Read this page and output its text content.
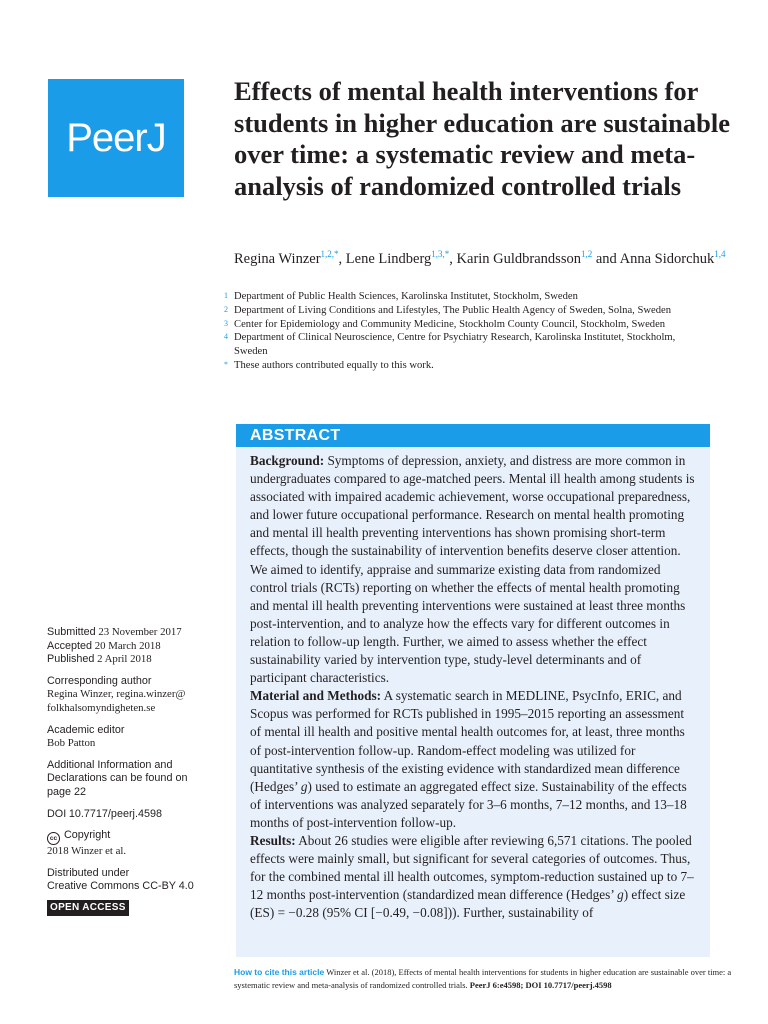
PeerJ
Effects of mental health interventions for students in higher education are sustainable over time: a systematic review and meta-analysis of randomized controlled trials
Regina Winzer$^{1,2,*}$, Lene Lindberg$^{1,3,*}$, Karin Guldbrandsson$^{1,2}$ and Anna Sidorchuk$^{1,4}$
1 Department of Public Health Sciences, Karolinska Institutet, Stockholm, Sweden
2 Department of Living Conditions and Lifestyles, The Public Health Agency of Sweden, Solna, Sweden
3 Center for Epidemiology and Community Medicine, Stockholm County Council, Stockholm, Sweden
4 Department of Clinical Neuroscience, Centre for Psychiatry Research, Karolinska Institutet, Stockholm, Sweden
* These authors contributed equally to this work.
ABSTRACT

Background: Symptoms of depression, anxiety, and distress are more common in undergraduates compared to age-matched peers. Mental ill health among students is associated with impaired academic achievement, worse occupational preparedness, and lower future occupational performance. Research on mental health promoting and mental ill health preventing interventions has shown promising short-term effects, though the sustainability of intervention benefits deserve closer attention. We aimed to identify, appraise and summarize existing data from randomized control trials (RCTs) reporting on whether the effects of mental health promoting and mental ill health preventing interventions were sustained at least three months post-intervention, and to analyze how the effects vary for different outcomes in relation to follow-up length. Further, we aimed to assess whether the effect sustainability varied by intervention type, study-level determinants and of participant characteristics.

Material and Methods: A systematic search in MEDLINE, PsycInfo, ERIC, and Scopus was performed for RCTs published in 1995–2015 reporting an assessment of mental ill health and positive mental health outcomes for, at least, three months of post-intervention follow-up. Random-effect modeling was utilized for quantitative synthesis of the existing evidence with standardized mean difference (Hedges’ g) used to estimate an aggregated effect size. Sustainability of the effects of interventions was analyzed separately for 3–6 months, 7–12 months, and 13–18 months of post-intervention follow-up.

Results: About 26 studies were eligible after reviewing 6,571 citations. The pooled effects were mainly small, but significant for several categories of outcomes. Thus, for the combined mental ill health outcomes, symptom-reduction sustained up to 7–12 months post-intervention (standardized mean difference (Hedges’ g) effect size (ES) = −0.28 (95% CI [−0.49, −0.08])). Further, sustainability of

Submitted 23 November 2017
Accepted 20 March 2018
Published 2 April 2018
Corresponding author
Regina Winzer, regina.winzer@
folkhalsomyndigheten.se
Academic editor
Bob Patton
Additional Information and
Declarations can be found on
page 22
DOI 10.7717/peerj.4598
cc Copyright
2018 Winzer et al.
Distributed under
Creative Commons CC-BY 4.0
OPEN ACCESS
How to cite this article Winzer et al. (2018), Effects of mental health interventions for students in higher education are sustainable over time: a systematic review and meta-analysis of randomized controlled trials. PeerJ 6:e4598; DOI 10.7717/peerj.4598
